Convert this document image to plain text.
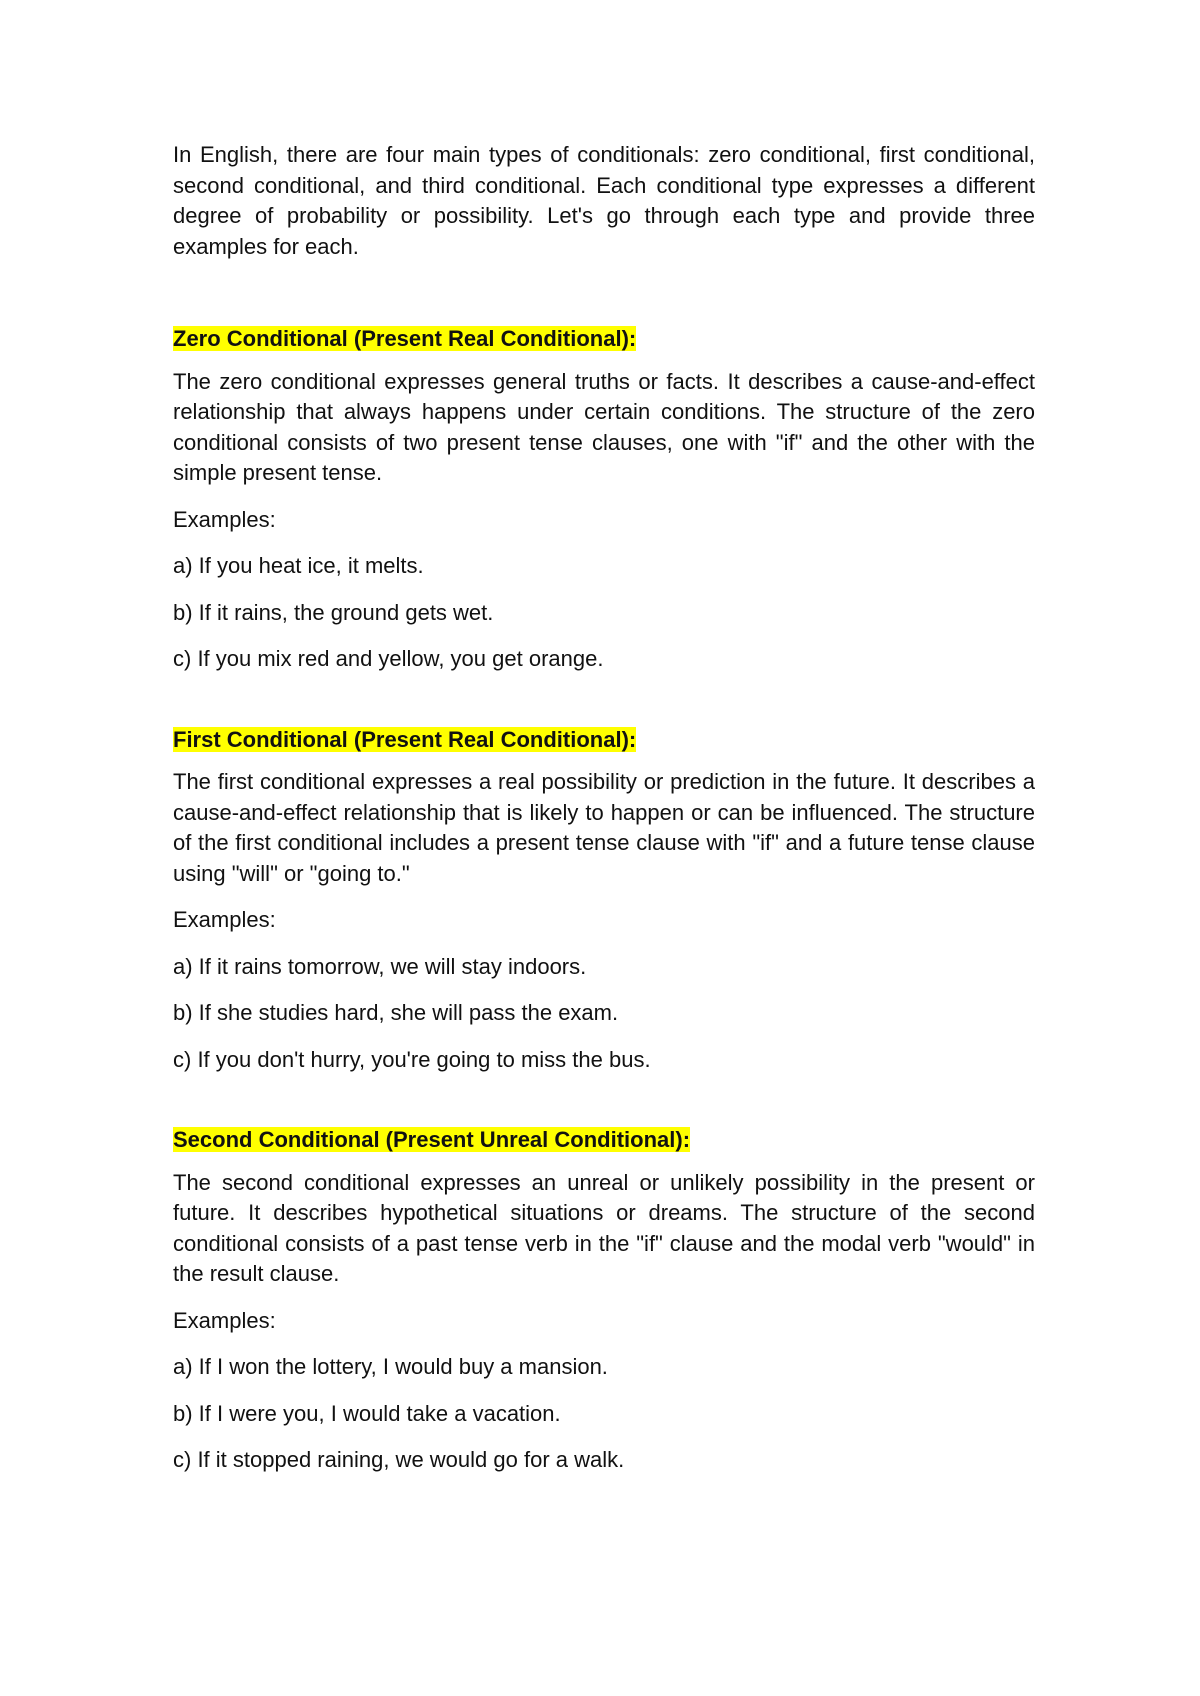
In English, there are four main types of conditionals: zero conditional, first conditional, second conditional, and third conditional. Each conditional type expresses a different degree of probability or possibility. Let's go through each type and provide three examples for each.

Zero Conditional (Present Real Conditional):

The zero conditional expresses general truths or facts. It describes a cause-and-effect relationship that always happens under certain conditions. The structure of the zero conditional consists of two present tense clauses, one with "if" and the other with the simple present tense.

Examples:

a) If you heat ice, it melts.

b) If it rains, the ground gets wet.

c) If you mix red and yellow, you get orange.

First Conditional (Present Real Conditional):

The first conditional expresses a real possibility or prediction in the future. It describes a cause-and-effect relationship that is likely to happen or can be influenced. The structure of the first conditional includes a present tense clause with "if" and a future tense clause using "will" or "going to."

Examples:

a) If it rains tomorrow, we will stay indoors.

b) If she studies hard, she will pass the exam.

c) If you don't hurry, you're going to miss the bus.

Second Conditional (Present Unreal Conditional):

The second conditional expresses an unreal or unlikely possibility in the present or future. It describes hypothetical situations or dreams. The structure of the second conditional consists of a past tense verb in the "if" clause and the modal verb "would" in the result clause.

Examples:

a) If I won the lottery, I would buy a mansion.

b) If I were you, I would take a vacation.

c) If it stopped raining, we would go for a walk.
